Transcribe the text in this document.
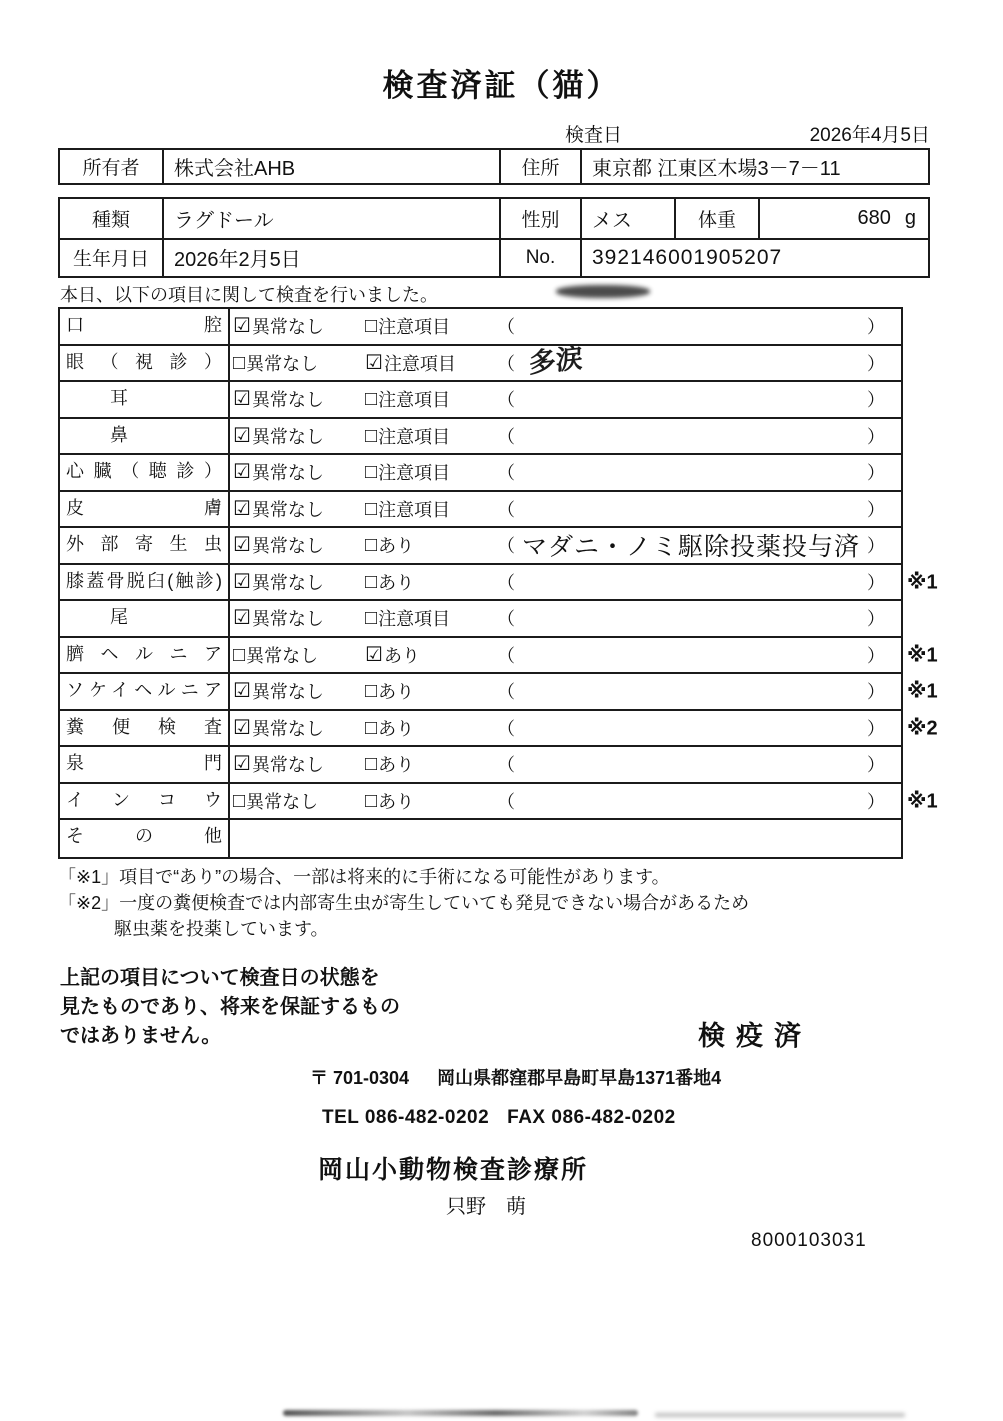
検査済証（猫）
検査日	2026年4月5日
所有者	株式会社AHB	住所	東京都 江東区木場3－7－11
種類	ラグドール	性別	メス	体重	680 g
生年月日	2026年2月5日	No.	392146001905207

本日、以下の項目に関して検査を行いました。

口腔 ☑ 異常なし □ 注意項目	（	）
眼（視診） □ 異常なし ☑ 注意項目 （ 多涙	）
耳	☑ 異常なし □ 注意項目	（	）
鼻	☑ 異常なし □ 注意項目	（	）
心臓（聴診） ☑ 異常なし □ 注意項目	（	）
皮膚 ☑ 異常なし □ 注意項目	（	）
外部寄生虫 ☑ 異常なし □ あり	（ マダニ・ノミ駆除投薬投与済 ）
膝蓋骨脱臼(触診) ☑ 異常なし □ あり	（	） ※1
尾	☑ 異常なし □ 注意項目	（	）
臍ヘルニア □ 異常なし ☑ あり	（	） ※1
ソケイヘルニア ☑ 異常なし □ あり	（	） ※1
糞便検査 ☑ 異常なし □ あり	（	） ※2
泉門 ☑ 異常なし □ あり	（	）
インコウ □ 異常なし □ あり	（	） ※1
その他
「※1」項目で“あり”の場合、一部は将来的に手術になる可能性があります。
「※2」一度の糞便検査では内部寄生虫が寄生していても発見できない場合があるため
駆虫薬を投薬しています。
上記の項目について検査日の状態を
見たものであり、将来を保証するもの
ではありません。	検疫済
〒 701-0304 岡山県都窪郡早島町早島1371番地4
TEL 086-482-0202 FAX 086-482-0202
岡山小動物検査診療所
只野　萌
8000103031
